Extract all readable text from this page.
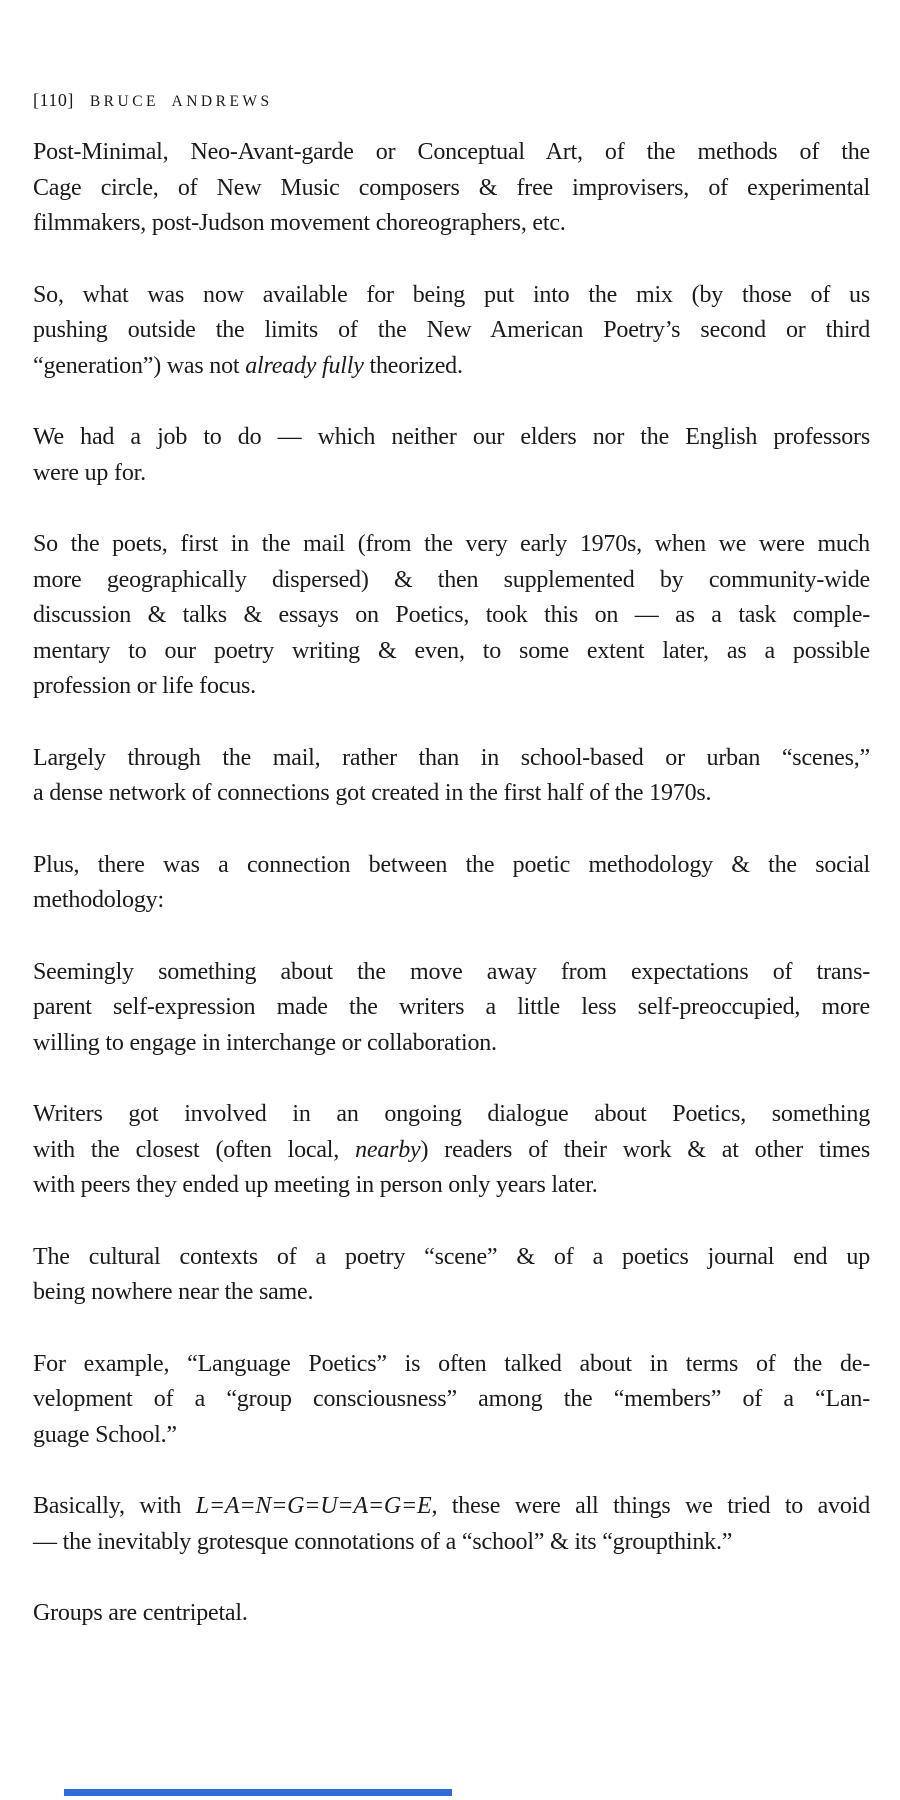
[110] BRUCE ANDREWS
Post-Minimal, Neo-Avant-garde or Conceptual Art, of the methods of the
Cage circle, of New Music composers & free improvisers, of experimental
filmmakers, post-Judson movement choreographers, etc.
So, what was now available for being put into the mix (by those of us
pushing outside the limits of the New American Poetry’s second or third
“generation”) was not already fully theorized.
We had a job to do — which neither our elders nor the English professors
were up for.
So the poets, first in the mail (from the very early 1970s, when we were much
more geographically dispersed) & then supplemented by community-wide
discussion & talks & essays on Poetics, took this on — as a task comple-
mentary to our poetry writing & even, to some extent later, as a possible
profession or life focus.
Largely through the mail, rather than in school-based or urban “scenes,”
a dense network of connections got created in the first half of the 1970s.
Plus, there was a connection between the poetic methodology & the social
methodology:
Seemingly something about the move away from expectations of trans-
parent self-expression made the writers a little less self-preoccupied, more
willing to engage in interchange or collaboration.
Writers got involved in an ongoing dialogue about Poetics, something
with the closest (often local, nearby) readers of their work & at other times
with peers they ended up meeting in person only years later.
The cultural contexts of a poetry “scene” & of a poetics journal end up
being nowhere near the same.
For example, “Language Poetics” is often talked about in terms of the de-
velopment of a “group consciousness” among the “members” of a “Lan-
guage School.”
Basically, with L=A=N=G=U=A=G=E, these were all things we tried to avoid
— the inevitably grotesque connotations of a “school” & its “groupthink.”
Groups are centripetal.
